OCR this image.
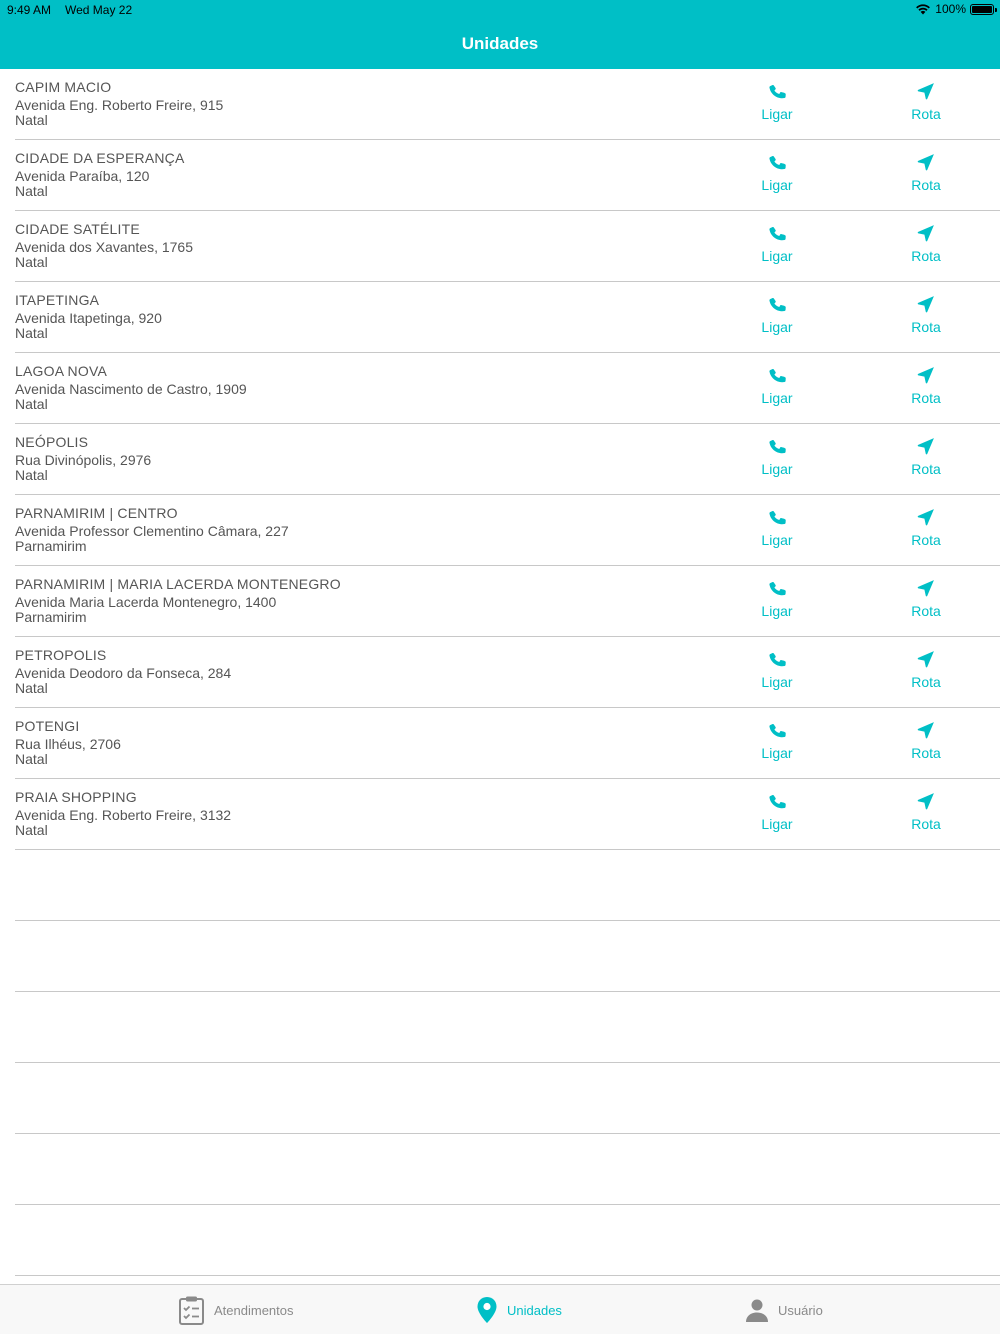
9:49 AM Wed May 22	100%
Unidades
CAPIM MACIO
Avenida Eng. Roberto Freire, 915
Natal	Ligar	Rota
CIDADE DA ESPERANÇA
Avenida Paraíba, 120
Natal	Ligar	Rota
CIDADE SATÉLITE
Avenida dos Xavantes, 1765
Natal	Ligar	Rota
ITAPETINGA
Avenida Itapetinga, 920
Natal	Ligar	Rota
LAGOA NOVA
Avenida Nascimento de Castro, 1909
Natal	Ligar	Rota
NEÓPOLIS
Rua Divinópolis, 2976
Natal	Ligar	Rota
PARNAMIRIM | CENTRO
Avenida Professor Clementino Câmara, 227
Parnamirim	Ligar	Rota
PARNAMIRIM | MARIA LACERDA MONTENEGRO
Avenida Maria Lacerda Montenegro, 1400
Parnamirim	Ligar	Rota
PETROPOLIS
Avenida Deodoro da Fonseca, 284
Natal	Ligar	Rota
POTENGI
Rua Ilhéus, 2706
Natal	Ligar	Rota
PRAIA SHOPPING
Avenida Eng. Roberto Freire, 3132
Natal	Ligar	Rota
Atendimentos	Unidades	Usuário
